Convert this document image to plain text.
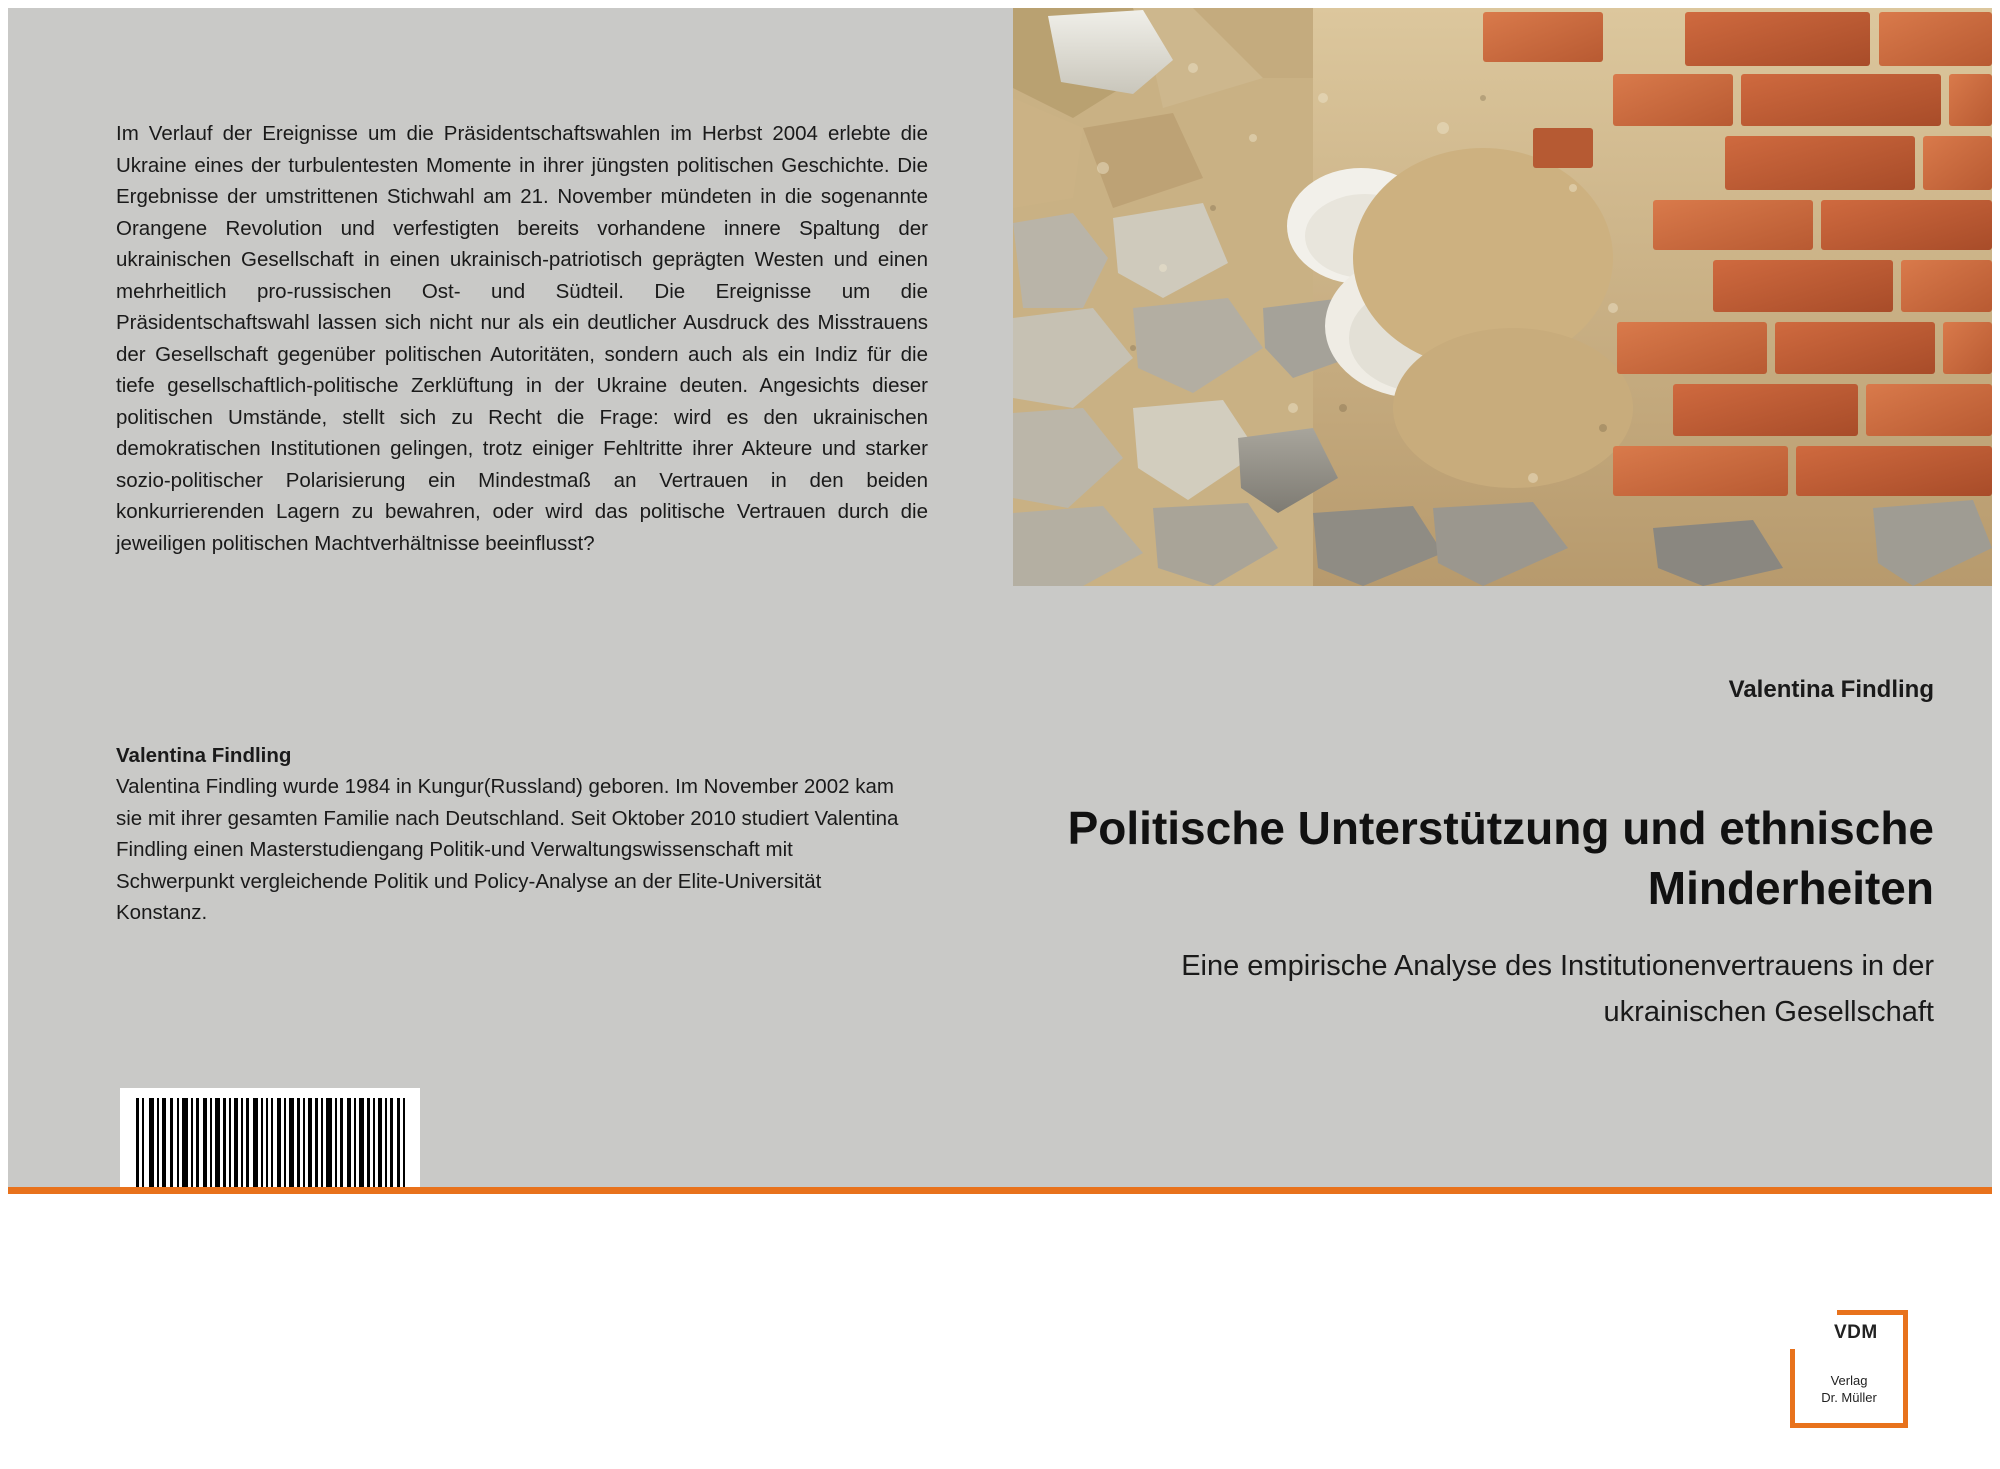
Im Verlauf der Ereignisse um die Präsidentschaftswahlen im Herbst 2004 erlebte die Ukraine eines der turbulentesten Momente in ihrer jüngsten politischen Geschichte. Die Ergebnisse der umstrittenen Stichwahl am 21. November mündeten in die sogenannte Orangene Revolution und verfestigten bereits vorhandene innere Spaltung der ukrainischen Gesellschaft in einen ukrainisch-patriotisch geprägten Westen und einen mehrheitlich pro-russischen Ost- und Südteil. Die Ereignisse um die Präsidentschaftswahl lassen sich nicht nur als ein deutlicher Ausdruck des Misstrauens der Gesellschaft gegenüber politischen Autoritäten, sondern auch als ein Indiz für die tiefe gesellschaftlich-politische Zerklüftung in der Ukraine deuten. Angesichts dieser politischen Umstände, stellt sich zu Recht die Frage: wird es den ukrainischen demokratischen Institutionen gelingen, trotz einiger Fehltritte ihrer Akteure und starker sozio-politischer Polarisierung ein Mindestmaß an Vertrauen in den beiden konkurrierenden Lagern zu bewahren, oder wird das politische Vertrauen durch die jeweiligen politischen Machtverhältnisse beeinflusst?
Valentina Findling
Valentina Findling wurde 1984 in Kungur(Russland) geboren. Im November 2002 kam sie mit ihrer gesamten Familie nach Deutschland. Seit Oktober 2010 studiert Valentina Findling einen Masterstudiengang Politik-und Verwaltungswissenschaft mit Schwerpunkt vergleichende Politik und Policy-Analyse an der Elite-Universität Konstanz.
Valentina Findling
Politische Unterstützung und ethnische Minderheiten
Eine empirische Analyse des Institutionenvertrauens in der ukrainischen Gesellschaft
VDM
Verlag
Dr. Müller
